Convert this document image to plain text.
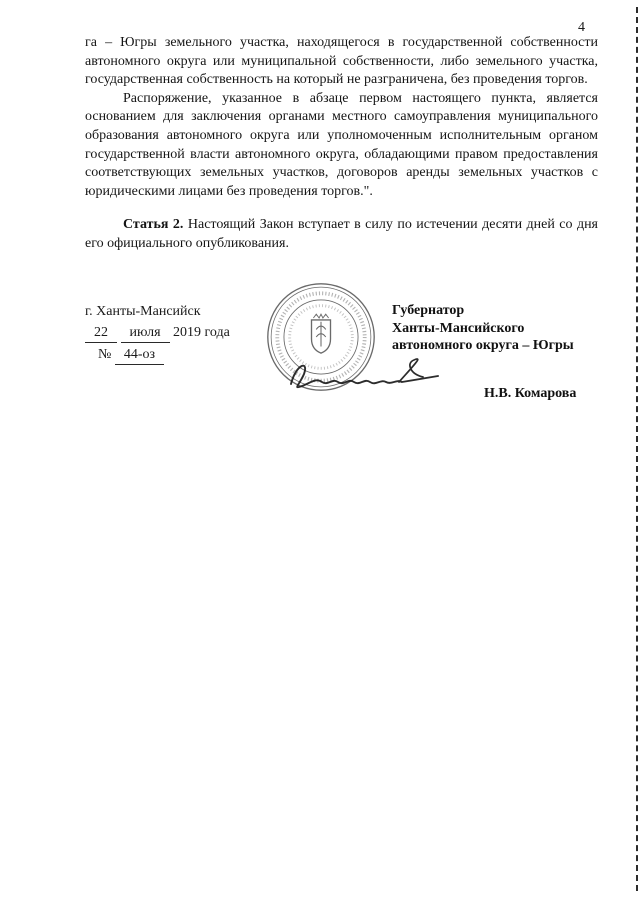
4

га – Югры земельного участка, находящегося в государственной собственности автономного округа или муниципальной собственности, либо земельного участка, государственная собственность на который не разграничена, без проведения торгов.

Распоряжение, указанное в абзаце первом настоящего пункта, является основанием для заключения органами местного самоуправления муниципального образования автономного округа или уполномоченным исполнительным органом государственной власти автономного округа, обладающими правом предоставления соответствующих земельных участков, договоров аренды земельных участков с юридическими лицами без проведения торгов.".

Статья 2. Настоящий Закон вступает в силу по истечении десяти дней со дня его официального опубликования.

г. Ханты-Мансийск
22 июля 2019 года
№ 44-оз
Губернатор
Ханты-Мансийского
автономного округа – Югры
Н.В. Комарова
